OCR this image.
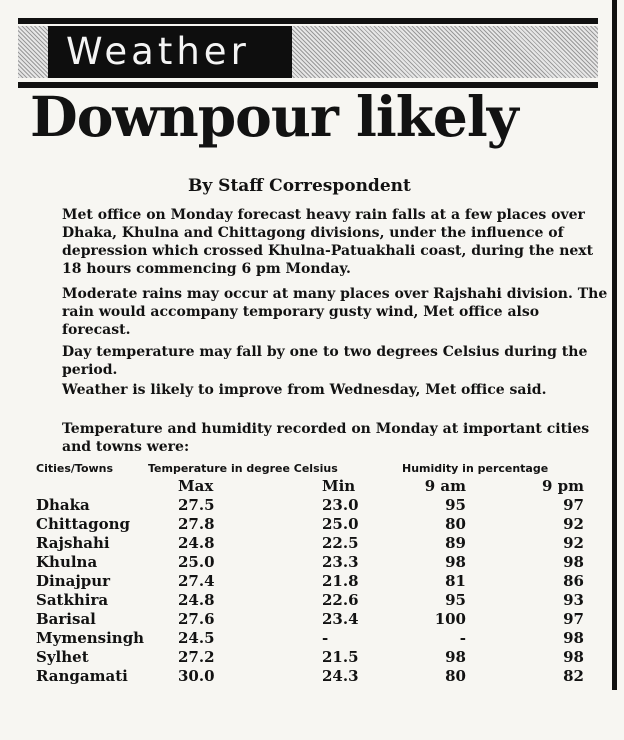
Weather
Downpour likely
By Staff Correspondent
Met office on Monday forecast heavy rain falls at a few places over Dhaka, Khulna and Chittagong divisions, under the influence of depression which crossed Khulna-Patuakhali coast, during the next 18 hours commencing 6 pm Monday.
Moderate rains may occur at many places over Rajshahi division. The rain would accompany temporary gusty wind, Met office also forecast.
Day temperature may fall by one to two degrees Celsius during the period.
Weather is likely to improve from Wednesday, Met office said.
Temperature and humidity recorded on Monday at important cities and towns were:
Cities/Towns	Temperature in degree Celsius	Humidity in percentage
Max	Min	9 am	9 pm
Dhaka	27.5	23.0	95	97
Chittagong	27.8	25.0	80	92
Rajshahi	24.8	22.5	89	92
Khulna	25.0	23.3	98	98
Dinajpur	27.4	21.8	81	86
Satkhira	24.8	22.6	95	93
Barisal	27.6	23.4	100	97
Mymensingh 24.5	-	-	98
Sylhet	27.2	21.5	98	98
Rangamati	30.0	24.3	80	82
